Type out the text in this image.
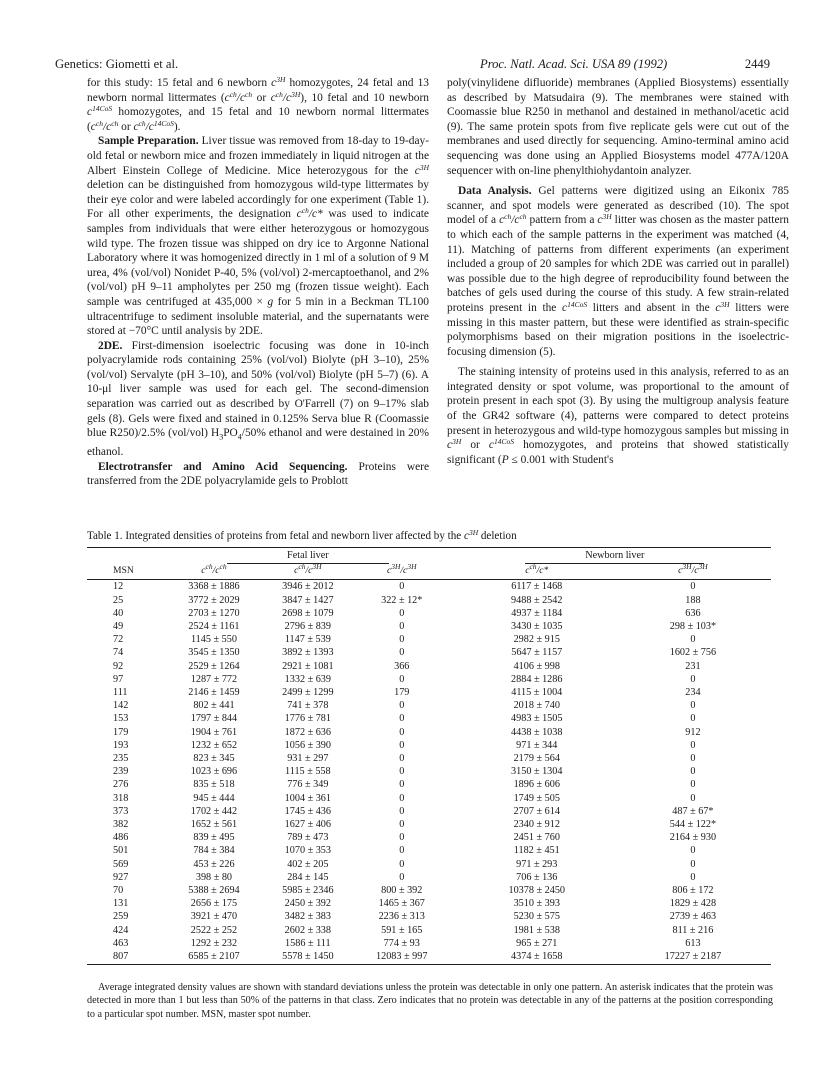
Genetics: Giometti et al.	Proc. Natl. Acad. Sci. USA 89 (1992)	2449

for this study: 15 fetal and 6 newborn $c^{3H}$ homozygotes, 24 fetal and 13 newborn normal littermates ($c^{ch}/c^{ch}$ or $c^{ch}/c^{3H}$), 10 fetal and 10 newborn $c^{14CoS}$ homozygotes, and 15 fetal and 10 newborn normal littermates ($c^{ch}/c^{ch}$ or $c^{ch}/c^{14CoS}$).

Sample Preparation. Liver tissue was removed from 18-day to 19-day-old fetal or newborn mice and frozen immediately in liquid nitrogen at the Albert Einstein College of Medicine. Mice heterozygous for the $c^{3H}$ deletion can be distinguished from homozygous wild-type littermates by their eye color and were labeled accordingly for one experiment (Table 1). For all other experiments, the designation $c^{ch}/c*$ was used to indicate samples from individuals that were either heterozygous or homozygous wild type. The frozen tissue was shipped on dry ice to Argonne National Laboratory where it was homogenized directly in 1 ml of a solution of 9 M urea, 4% (vol/vol) Nonidet P-40, 5% (vol/vol) 2-mercaptoethanol, and 2% (vol/vol) pH 9–11 ampholytes per 250 mg (frozen tissue weight). Each sample was centrifuged at 435,000 × g for 5 min in a Beckman TL100 ultracentrifuge to sediment insoluble material, and the supernatants were stored at −70°C until analysis by 2DE.

2DE. First-dimension isoelectric focusing was done in 10-inch polyacrylamide rods containing 25% (vol/vol) Biolyte (pH 3–10), 25% (vol/vol) Servalyte (pH 3–10), and 50% (vol/vol) Biolyte (pH 5–7) (6). A 10-μl liver sample was used for each gel. The second-dimension separation was carried out as described by O'Farrell (7) on 9–17% slab gels (8). Gels were fixed and stained in 0.125% Serva blue R (Coomassie blue R250)/2.5% (vol/vol) $H_3PO_4/50\%$ ethanol and were destained in 20% ethanol.

Electrotransfer and Amino Acid Sequencing. Proteins were transferred from the 2DE polyacrylamide gels to Problott

poly(vinylidene difluoride) membranes (Applied Biosystems) essentially as described by Matsudaira (9). The membranes were stained with Coomassie blue R250 in methanol and destained in methanol/acetic acid (9). The same protein spots from five replicate gels were cut out of the membranes and used directly for sequencing. Amino-terminal amino acid sequencing was done using an Applied Biosystems model 477A/120A sequencer with on-line phenylthiohydantoin analyzer.

Data Analysis. Gel patterns were digitized using an Eikonix 785 scanner, and spot models were generated as described (10). The spot model of a $c^{ch}/c^{ch}$ pattern from a $c^{3H}$ litter was chosen as the master pattern to which each of the sample patterns in the experiment was matched (4, 11). Matching of patterns from different experiments (an experiment included a group of 20 samples for which 2DE was carried out in parallel) was possible due to the high degree of reproducibility found between the batches of gels used during the course of this study. A few strain-related proteins present in the $c^{14CoS}$ litters and absent in the $c^{3H}$ litters were missing in this master pattern, but these were identified as strain-specific polymorphisms based on their migration positions in the isoelectric-focusing dimension (5).

The staining intensity of proteins used in this analysis, referred to as an integrated density or spot volume, was proportional to the amount of protein present in each spot (3). By using the multigroup analysis feature of the GR42 software (4), patterns were compared to detect proteins present in heterozygous and wild-type homozygous samples but missing in $c^{3H}$ or $c^{14CoS}$ homozygotes, and proteins that showed statistically significant (P ≤ 0.001 with Student's

Table 1. Integrated densities of proteins from fetal and newborn liver affected by the $c^{3H}$ deletion
	Fetal liver				Newborn liver	
MSN	$c^{ch}/c^{ch}$	$c^{ch}/c^{3H}$	$c^{3H}/c^{3H}$		$c^{ch}/c*$	$c^{3H}/c^{3H}$
12	3368 ± 1886	3946 ± 2012	0		6117 ± 1468	0
25	3772 ± 2029	3847 ± 1427	322 ± 12*		9488 ± 2542	188
40	2703 ± 1270	2698 ± 1079	0		4937 ± 1184	636
49	2524 ± 1161	2796 ± 839	0		3430 ± 1035	298 ± 103*
72	1145 ± 550	1147 ± 539	0		2982 ± 915	0
74	3545 ± 1350	3892 ± 1393	0		5647 ± 1157	1602 ± 756
92	2529 ± 1264	2921 ± 1081	366		4106 ± 998	231
97	1287 ± 772	1332 ± 639	0		2884 ± 1286	0
111	2146 ± 1459	2499 ± 1299	179		4115 ± 1004	234
142	802 ± 441	741 ± 378	0		2018 ± 740	0
153	1797 ± 844	1776 ± 781	0		4983 ± 1505	0
179	1904 ± 761	1872 ± 636	0		4438 ± 1038	912
193	1232 ± 652	1056 ± 390	0		971 ± 344	0
235	823 ± 345	931 ± 297	0		2179 ± 564	0
239	1023 ± 696	1115 ± 558	0		3150 ± 1304	0
276	835 ± 518	776 ± 349	0		1896 ± 606	0
318	945 ± 444	1004 ± 361	0		1749 ± 505	0
373	1702 ± 442	1745 ± 436	0		2707 ± 614	487 ± 67*
382	1652 ± 561	1627 ± 406	0		2340 ± 912	544 ± 122*
486	839 ± 495	789 ± 473	0		2451 ± 760	2164 ± 930
501	784 ± 384	1070 ± 353	0		1182 ± 451	0
569	453 ± 226	402 ± 205	0		971 ± 293	0
927	398 ± 80	284 ± 145	0		706 ± 136	0
70	5388 ± 2694	5985 ± 2346	800 ± 392		10378 ± 2450	806 ± 172
131	2656 ± 175	2450 ± 392	1465 ± 367		3510 ± 393	1829 ± 428
259	3921 ± 470	3482 ± 383	2236 ± 313		5230 ± 575	2739 ± 463
424	2522 ± 252	2602 ± 338	591 ± 165		1981 ± 538	811 ± 216
463	1292 ± 232	1586 ± 111	774 ± 93		965 ± 271	613
807	6585 ± 2107	5578 ± 1450	12083 ± 997		4374 ± 1658	17227 ± 2187
Average integrated density values are shown with standard deviations unless the protein was detectable in only one pattern. An asterisk indicates that the protein was detected in more than 1 but less than 50% of the patterns in that class. Zero indicates that no protein was detectable in any of the patterns at the position corresponding to a particular spot number. MSN, master spot number.
